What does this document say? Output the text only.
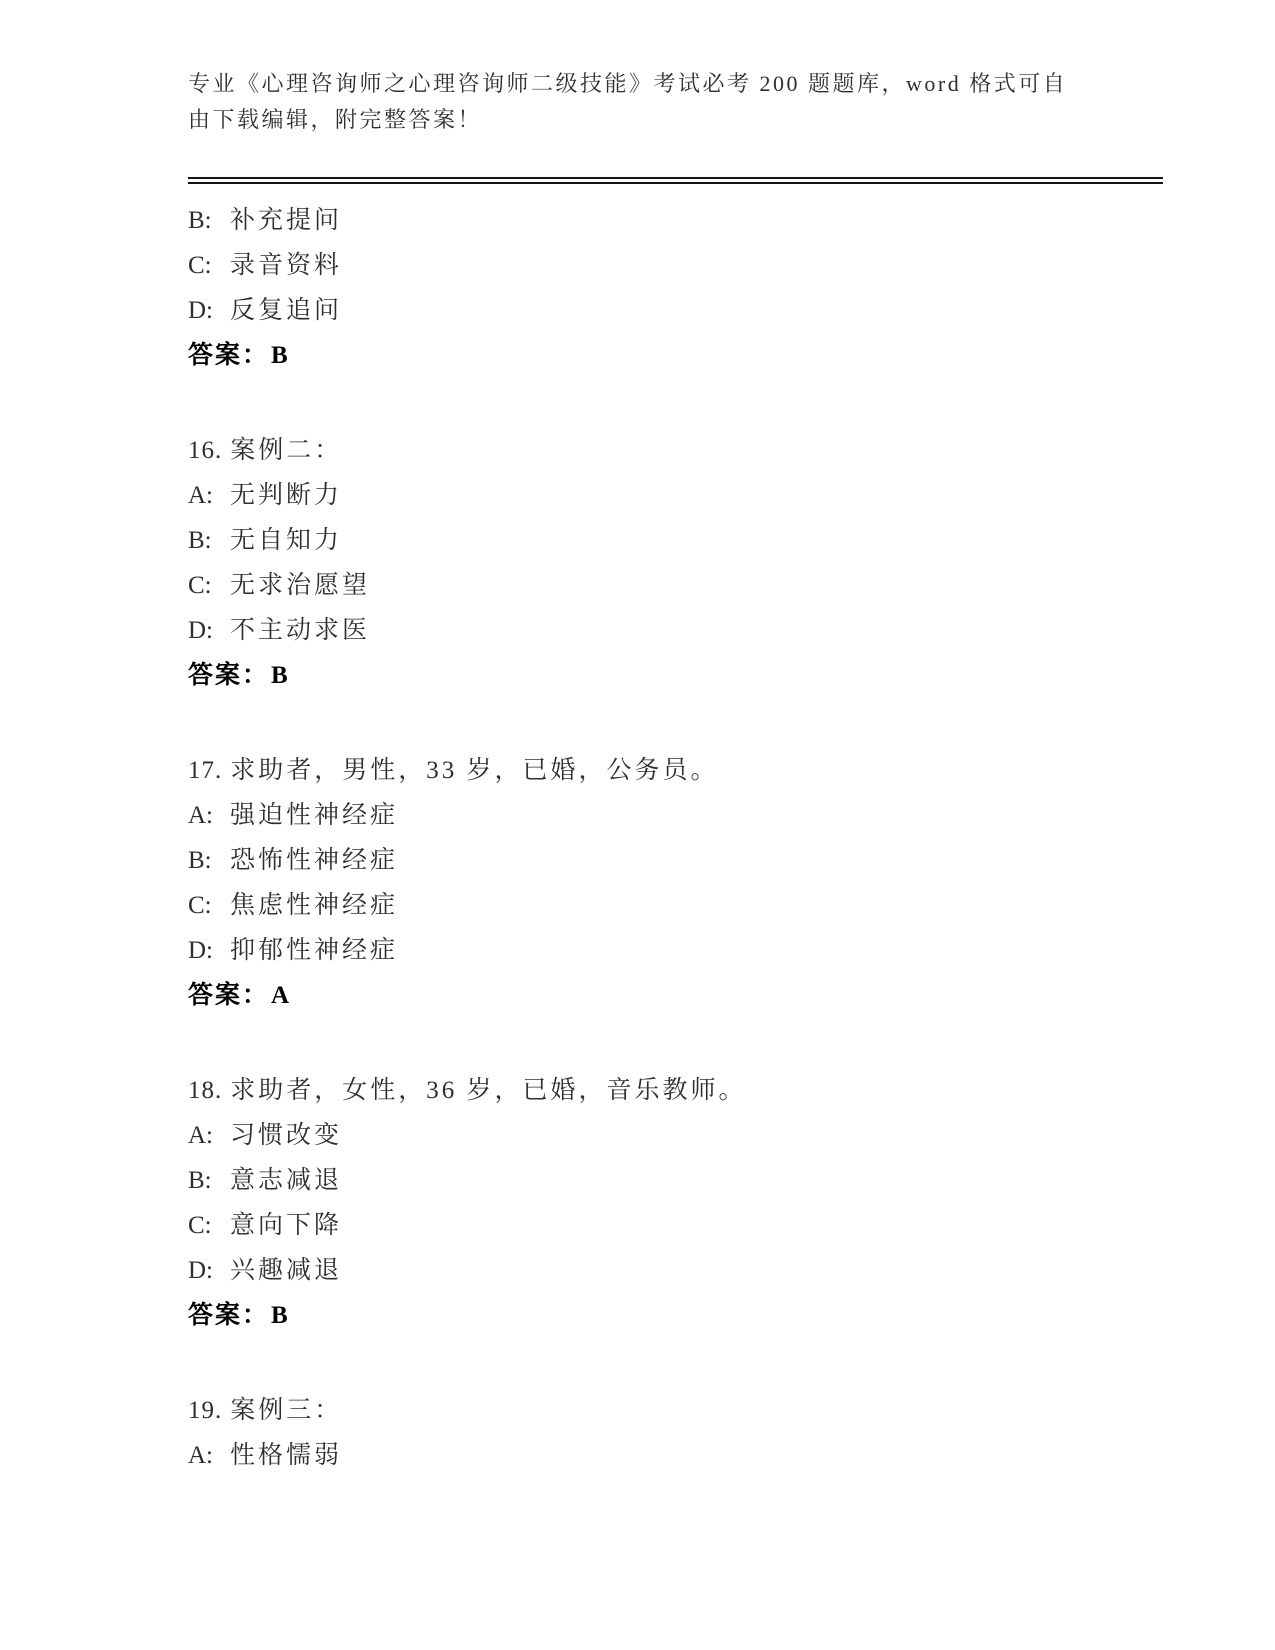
专业《心理咨询师之心理咨询师二级技能》考试必考 200 题题库，word 格式可自
由下载编辑，附完整答案！
B: 补充提问
C: 录音资料
D: 反复追问
答案：B
16. 案例二：
A: 无判断力
B: 无自知力
C: 无求治愿望
D: 不主动求医
答案：B
17. 求助者，男性，33 岁，已婚，公务员。
A: 强迫性神经症
B: 恐怖性神经症
C: 焦虑性神经症
D: 抑郁性神经症
答案：A
18. 求助者，女性，36 岁，已婚，音乐教师。
A: 习惯改变
B: 意志减退
C: 意向下降
D: 兴趣减退
答案：B
19. 案例三：
A: 性格懦弱
